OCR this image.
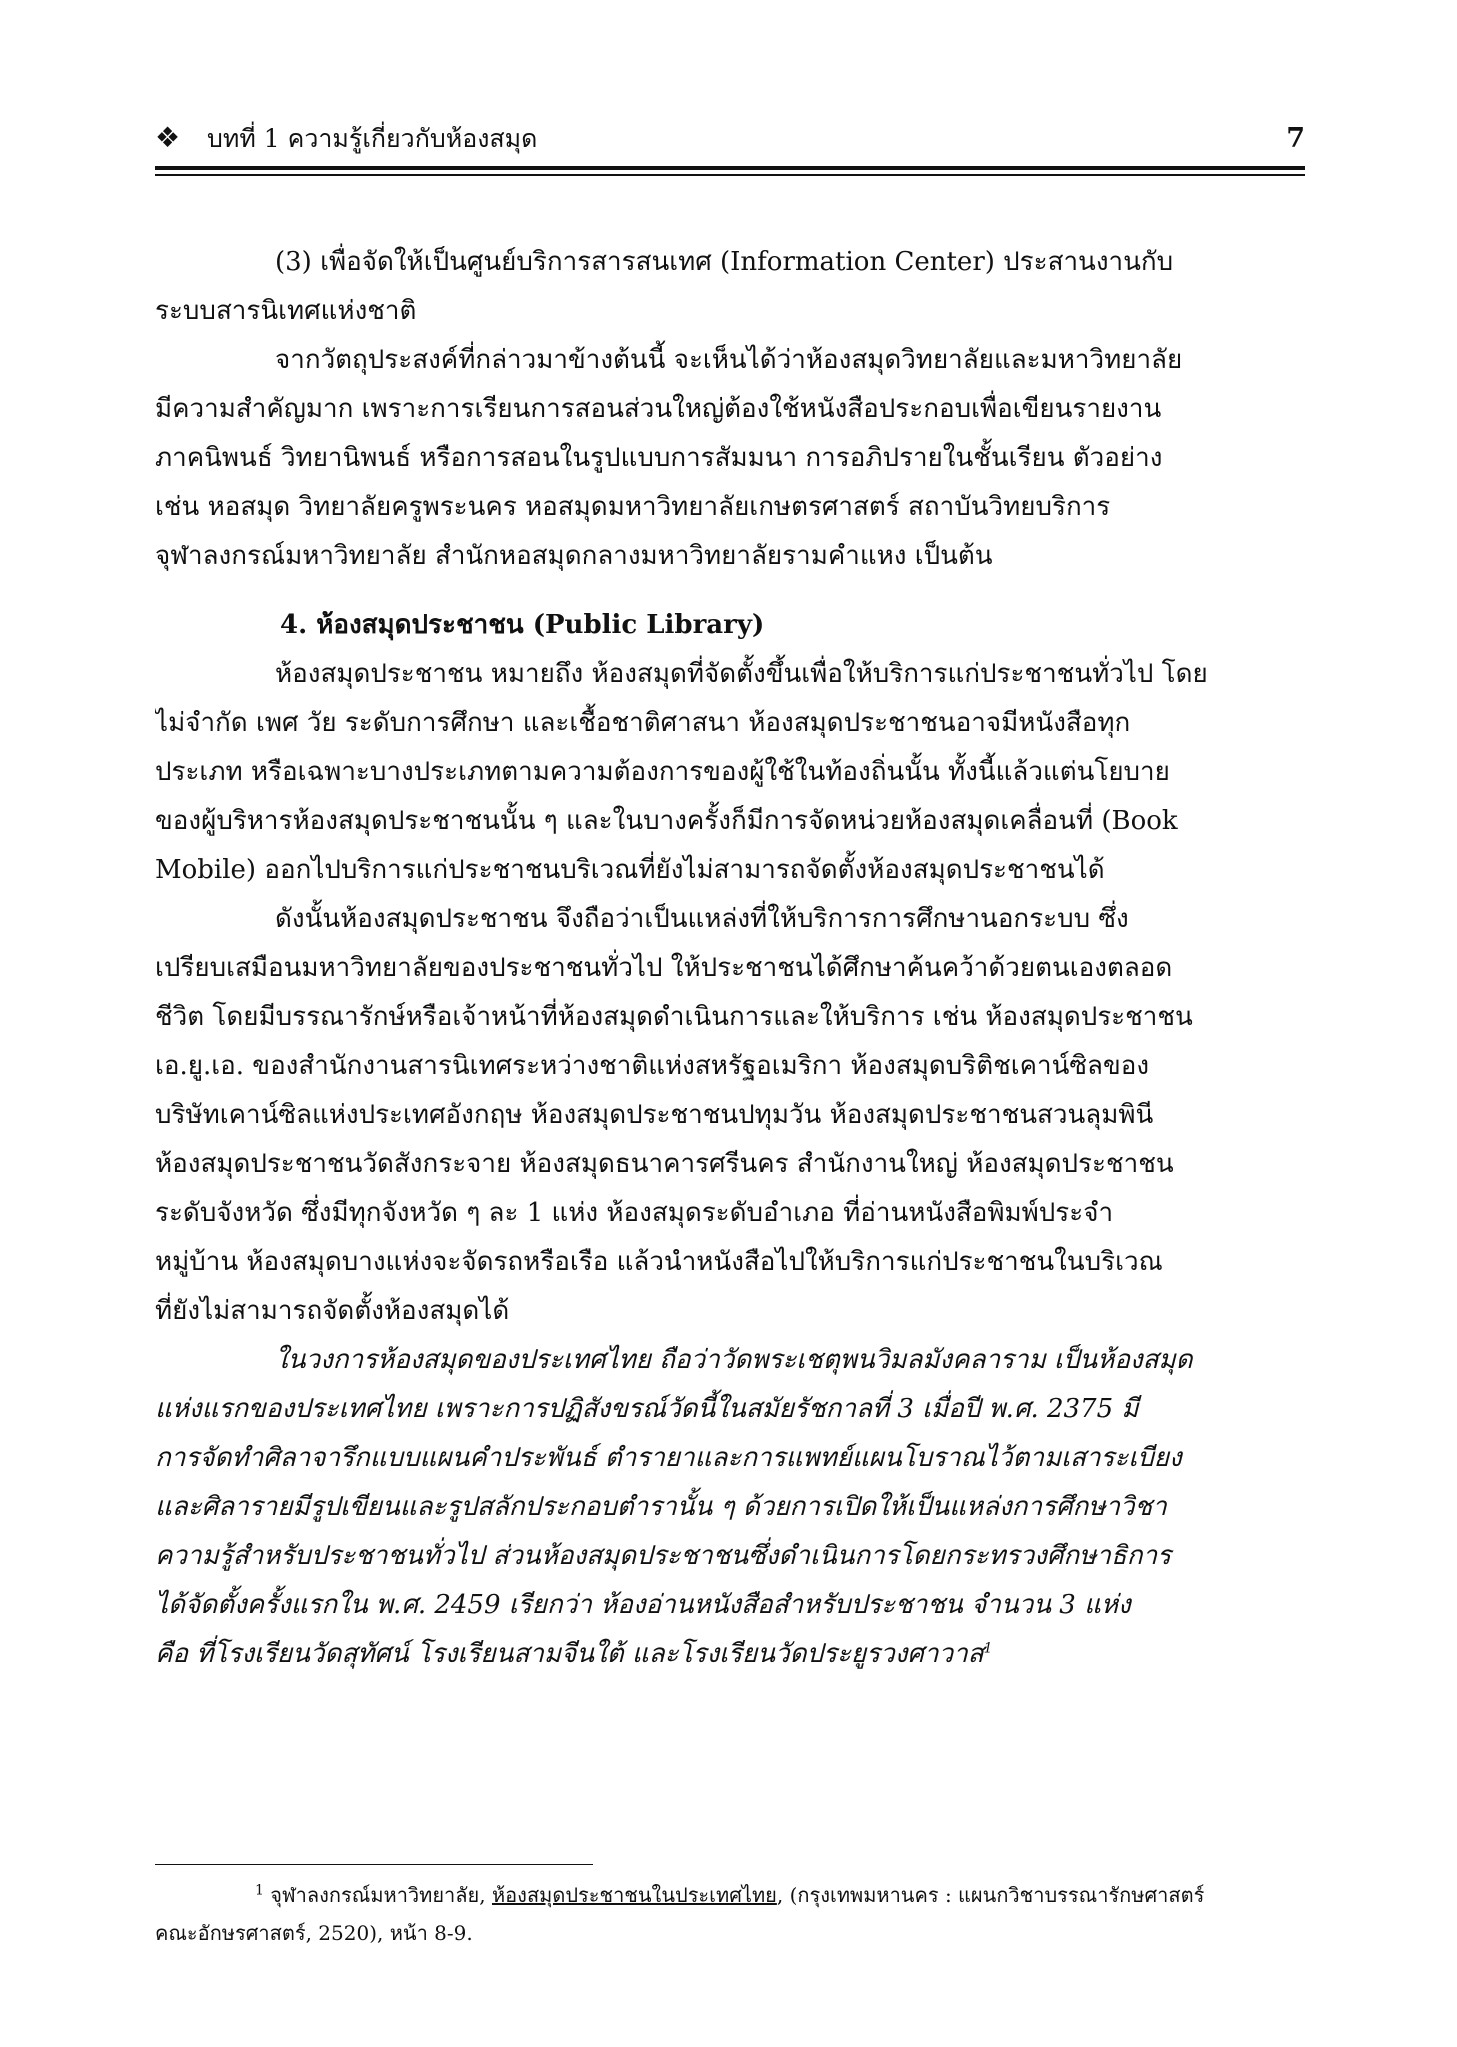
❖ บทที่ 1 ความรู้เกี่ยวกับห้องสมุด	7
(3) เพื่อจัดให้เป็นศูนย์บริการสารสนเทศ (Information Center) ประสานงานกับ
ระบบสารนิเทศแห่งชาติ
จากวัตถุประสงค์ที่กล่าวมาข้างต้นนี้ จะเห็นได้ว่าห้องสมุดวิทยาลัยและมหาวิทยาลัย
มีความสำคัญมาก เพราะการเรียนการสอนส่วนใหญ่ต้องใช้หนังสือประกอบเพื่อเขียนรายงาน
ภาคนิพนธ์ วิทยานิพนธ์ หรือการสอนในรูปแบบการสัมมนา การอภิปรายในชั้นเรียน ตัวอย่าง
เช่น หอสมุด วิทยาลัยครูพระนคร หอสมุดมหาวิทยาลัยเกษตรศาสตร์ สถาบันวิทยบริการ
จุฬาลงกรณ์มหาวิทยาลัย สำนักหอสมุดกลางมหาวิทยาลัยรามคำแหง เป็นต้น
4. ห้องสมุดประชาชน (Public Library)
ห้องสมุดประชาชน หมายถึง ห้องสมุดที่จัดตั้งขึ้นเพื่อให้บริการแก่ประชาชนทั่วไป โดย
ไม่จำกัด เพศ วัย ระดับการศึกษา และเชื้อชาติศาสนา ห้องสมุดประชาชนอาจมีหนังสือทุก
ประเภท หรือเฉพาะบางประเภทตามความต้องการของผู้ใช้ในท้องถิ่นนั้น ทั้งนี้แล้วแต่นโยบาย
ของผู้บริหารห้องสมุดประชาชนนั้น ๆ และในบางครั้งก็มีการจัดหน่วยห้องสมุดเคลื่อนที่ (Book
Mobile) ออกไปบริการแก่ประชาชนบริเวณที่ยังไม่สามารถจัดตั้งห้องสมุดประชาชนได้
ดังนั้นห้องสมุดประชาชน จึงถือว่าเป็นแหล่งที่ให้บริการการศึกษานอกระบบ ซึ่ง
เปรียบเสมือนมหาวิทยาลัยของประชาชนทั่วไป ให้ประชาชนได้ศึกษาค้นคว้าด้วยตนเองตลอด
ชีวิต โดยมีบรรณารักษ์หรือเจ้าหน้าที่ห้องสมุดดำเนินการและให้บริการ เช่น ห้องสมุดประชาชน
เอ.ยู.เอ. ของสำนักงานสารนิเทศระหว่างชาติแห่งสหรัฐอเมริกา ห้องสมุดบริติชเคาน์ซิลของ
บริษัทเคาน์ซิลแห่งประเทศอังกฤษ ห้องสมุดประชาชนปทุมวัน ห้องสมุดประชาชนสวนลุมพินี
ห้องสมุดประชาชนวัดสังกระจาย ห้องสมุดธนาคารศรีนคร สำนักงานใหญ่ ห้องสมุดประชาชน
ระดับจังหวัด ซึ่งมีทุกจังหวัด ๆ ละ 1 แห่ง ห้องสมุดระดับอำเภอ ที่อ่านหนังสือพิมพ์ประจำ
หมู่บ้าน ห้องสมุดบางแห่งจะจัดรถหรือเรือ แล้วนำหนังสือไปให้บริการแก่ประชาชนในบริเวณ
ที่ยังไม่สามารถจัดตั้งห้องสมุดได้
ในวงการห้องสมุดของประเทศไทย ถือว่าวัดพระเชตุพนวิมลมังคลาราม เป็นห้องสมุด
แห่งแรกของประเทศไทย เพราะการปฏิสังขรณ์วัดนี้ในสมัยรัชกาลที่ 3 เมื่อปี พ.ศ. 2375 มี
การจัดทำศิลาจารึกแบบแผนคำประพันธ์ ตำรายาและการแพทย์แผนโบราณไว้ตามเสาระเบียง
และศิลารายมีรูปเขียนและรูปสลักประกอบตำรานั้น ๆ ด้วยการเปิดให้เป็นแหล่งการศึกษาวิชา
ความรู้สำหรับประชาชนทั่วไป ส่วนห้องสมุดประชาชนซึ่งดำเนินการโดยกระทรวงศึกษาธิการ
ได้จัดตั้งครั้งแรกใน พ.ศ. 2459 เรียกว่า ห้องอ่านหนังสือสำหรับประชาชน จำนวน 3 แห่ง
คือ ที่โรงเรียนวัดสุทัศน์ โรงเรียนสามจีนใต้ และโรงเรียนวัดประยูรวงศาวาส$^1$
$^1$ จุฬาลงกรณ์มหาวิทยาลัย, ห้องสมุดประชาชนในประเทศไทย, (กรุงเทพมหานคร : แผนกวิชาบรรณารักษศาสตร์
คณะอักษรศาสตร์, 2520), หน้า 8-9.
